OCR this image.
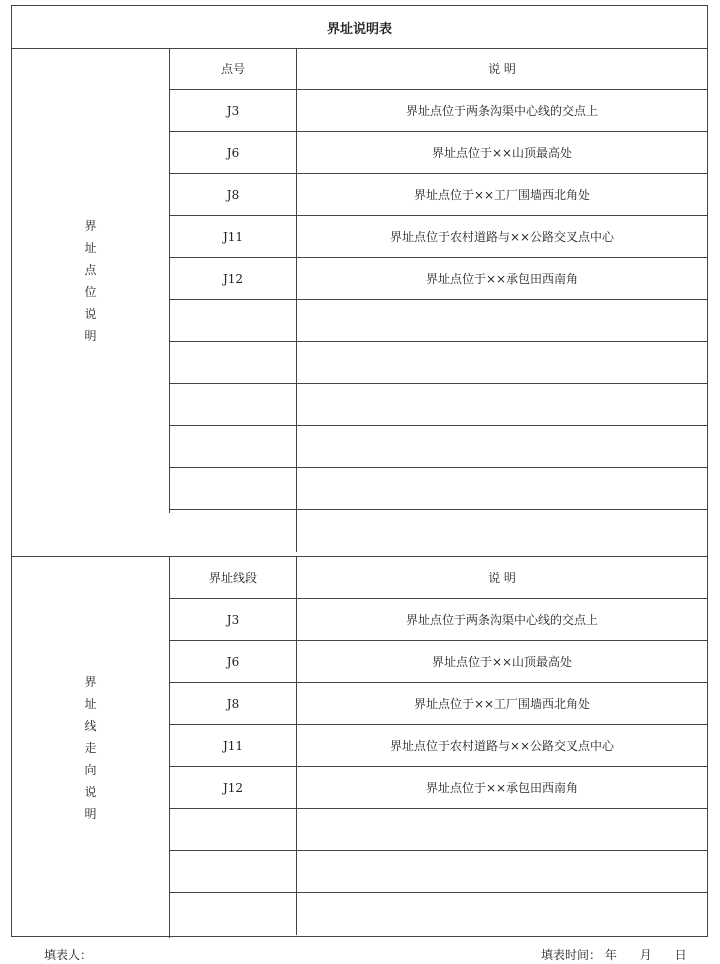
界址说明表
界
址
点
位
说
明
点号	说 明
J3	界址点位于两条沟渠中心线的交点上
J6	界址点位于××山顶最高处
J8	界址点位于××工厂围墙西北角处
J11	界址点位于农村道路与××公路交叉点中心
J12	界址点位于××承包田西南角
界
址
线
走
向
说
明
界址线段	说 明
J3	界址点位于两条沟渠中心线的交点上
J6	界址点位于××山顶最高处
J8	界址点位于××工厂围墙西北角处
J11	界址点位于农村道路与××公路交叉点中心
J12	界址点位于××承包田西南角
填表人：	填表时间： 年 月 日
